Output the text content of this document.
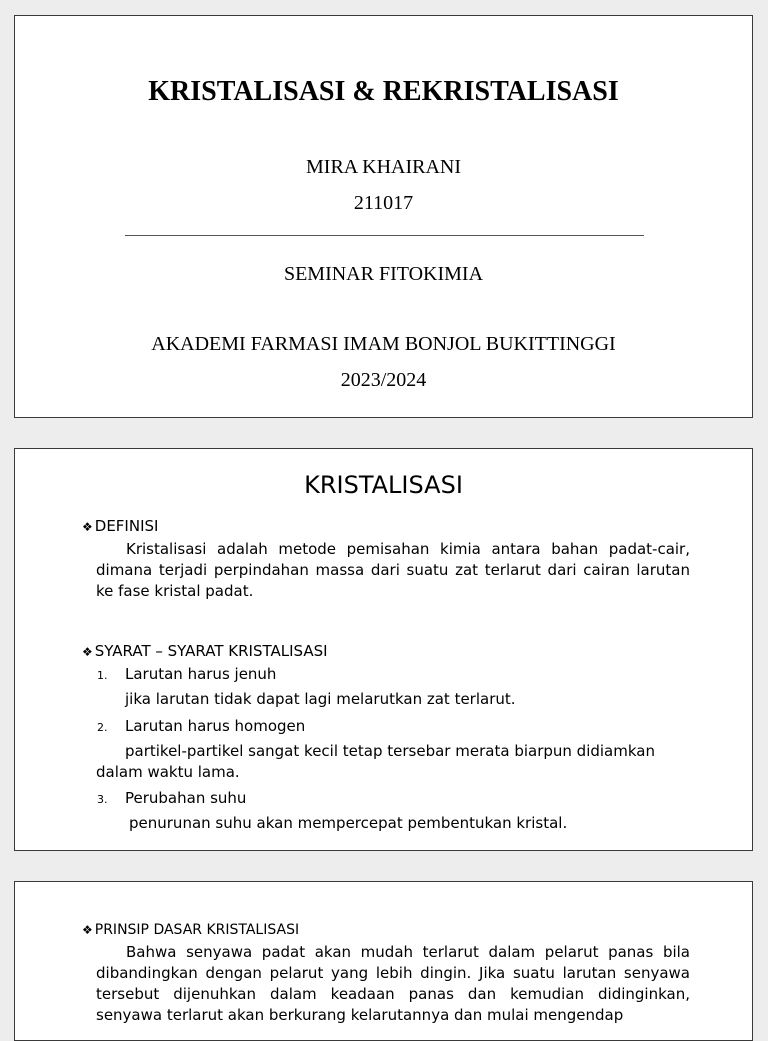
KRISTALISASI & REKRISTALISASI
MIRA KHAIRANI
211017
SEMINAR FITOKIMIA
AKADEMI FARMASI IMAM BONJOL BUKITTINGGI
2023/2024
KRISTALISASI
❖ DEFINISI
Kristalisasi adalah metode pemisahan kimia antara bahan padat-cair, dimana terjadi perpindahan massa dari suatu zat terlarut dari cairan larutan ke fase kristal padat.
❖ SYARAT – SYARAT KRISTALISASI
1. Larutan harus jenuh
jika larutan tidak dapat lagi melarutkan zat terlarut.
2. Larutan harus homogen
partikel-partikel sangat kecil tetap tersebar merata biarpun didiamkan dalam waktu lama.
3. Perubahan suhu
penurunan suhu akan mempercepat pembentukan kristal.
❖ PRINSIP DASAR KRISTALISASI
Bahwa senyawa padat akan mudah terlarut dalam pelarut panas bila dibandingkan dengan pelarut yang lebih dingin. Jika suatu larutan senyawa tersebut dijenuhkan dalam keadaan panas dan kemudian didinginkan, senyawa terlarut akan berkurang kelarutannya dan mulai mengendap
